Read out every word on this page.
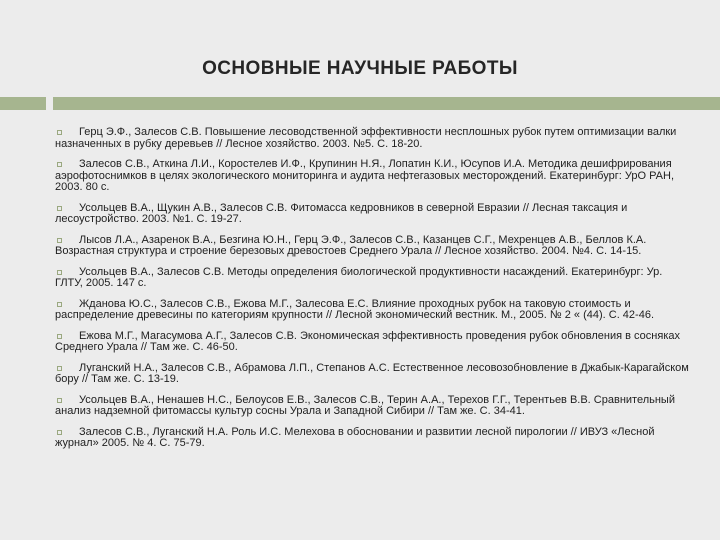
ОСНОВНЫЕ НАУЧНЫЕ РАБОТЫ
Герц Э.Ф., Залесов С.В. Повышение лесоводственной эффективности несплошных рубок путем оптимизации валки назначенных в рубку деревьев // Лесное хозяйство. 2003. №5. С. 18-20.
Залесов С.В., Аткина Л.И., Коростелев И.Ф., Крупинин Н.Я., Лопатин К.И., Юсупов И.А. Методика дешифрирования аэрофотоснимков в целях экологического мониторинга и аудита нефтегазовых месторождений. Екатеринбург: УрО РАН, 2003. 80 с.
Усольцев В.А., Щукин А.В., Залесов С.В. Фитомасса кедровников в северной Евразии // Лесная таксация и лесоустройство. 2003. №1. С. 19-27.
Лысов Л.А., Азаренок В.А., Безгина Ю.Н., Герц Э.Ф., Залесов С.В., Казанцев С.Г., Мехренцев А.В., Беллов К.А. Возрастная структура и строение березовых древостоев Среднего Урала // Лесное хозяйство. 2004. №4. С. 14-15.
Усольцев В.А., Залесов С.В. Методы определения биологической продуктивности насаждений. Екатеринбург: Ур. ГЛТУ, 2005. 147 с.
Жданова Ю.С., Залесов С.В., Ежова М.Г., Залесова Е.С. Влияние проходных рубок на таковую стоимость и распределение древесины по категориям крупности // Лесной экономический вестник. М., 2005. № 2 « (44). С. 42-46.
Ежова М.Г., Магасумова А.Г., Залесов С.В. Экономическая эффективность проведения рубок обновления в сосняках Среднего Урала // Там же. С. 46-50.
Луганский Н.А., Залесов С.В., Абрамова Л.П., Степанов А.С. Естественное лесовозобновление в Джабык-Карагайском бору // Там же. С. 13-19.
Усольцев В.А., Ненашев Н.С., Белоусов Е.В., Залесов С.В., Терин А.А., Терехов Г.Г., Терентьев В.В. Сравнительный анализ надземной фитомассы культур сосны Урала и Западной Сибири // Там же. С. 34-41.
Залесов С.В., Луганский Н.А. Роль И.С. Мелехова в обосновании и развитии лесной пирологии // ИВУЗ «Лесной журнал» 2005. № 4. С. 75-79.
